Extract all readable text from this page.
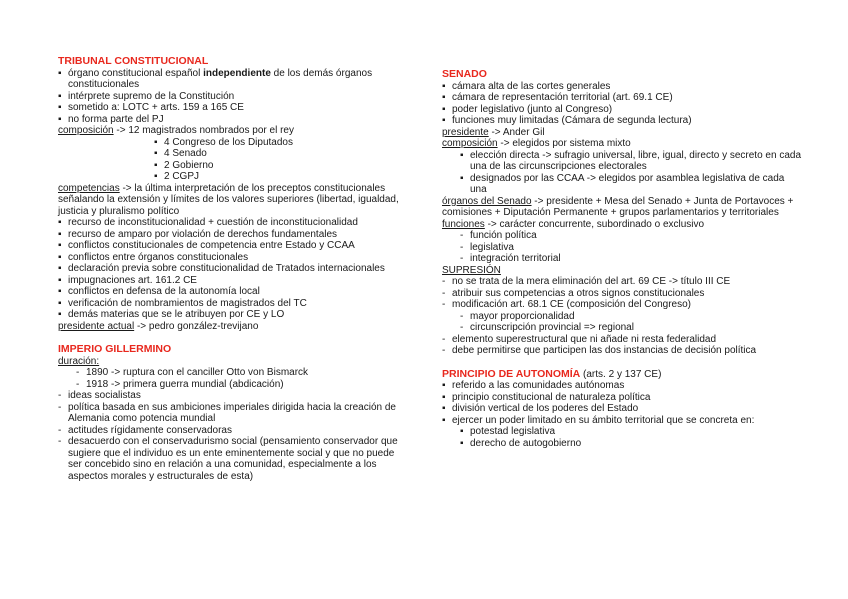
TRIBUNAL CONSTITUCIONAL
▪ órgano constitucional español independiente de los demás órganos constitucionales
▪ intérprete supremo de la Constitución
▪ sometido a: LOTC + arts. 159 a 165 CE
▪ no forma parte del PJ
composición -> 12 magistrados nombrados por el rey
▪ 4 Congreso de los Diputados
▪ 4 Senado
▪ 2 Gobierno
▪ 2 CGPJ
competencias -> la última interpretación de los preceptos constitucionales señalando la extensión y límites de los valores superiores (libertad, igualdad, justicia y pluralismo político
▪ recurso de inconstitucionalidad + cuestión de inconstitucionalidad
▪ recurso de amparo por violación de derechos fundamentales
▪ conflictos constitucionales de competencia entre Estado y CCAA
▪ conflictos entre órganos constitucionales
▪ declaración previa sobre constitucionalidad de Tratados internacionales
▪ impugnaciones art. 161.2 CE
▪ conflictos en defensa de la autonomía local
▪ verificación de nombramientos de magistrados del TC
▪ demás materias que se le atribuyen por CE y LO
presidente actual -> pedro gonzález-trevijano
IMPERIO GILLERMINO
duración:
- 1890 -> ruptura con el canciller Otto von Bismarck
- 1918 -> primera guerra mundial (abdicación)
- ideas socialistas
- política basada en sus ambiciones imperiales dirigida hacia la creación de Alemania como potencia mundial
- actitudes rígidamente conservadoras
- desacuerdo con el conservadurismo social (pensamiento conservador que sugiere que el individuo es un ente eminentemente social y que no puede ser concebido sino en relación a una comunidad, especialmente a los aspectos morales y estructurales de esta)
SENADO
▪ cámara alta de las cortes generales
▪ cámara de representación territorial (art. 69.1 CE)
▪ poder legislativo (junto al Congreso)
▪ funciones muy limitadas (Cámara de segunda lectura)
presidente -> Ander Gil
composición -> elegidos por sistema mixto
▪ elección directa -> sufragio universal, libre, igual, directo y secreto en cada una de las circunscripciones electorales
▪ designados por las CCAA -> elegidos por asamblea legislativa de cada una
órganos del Senado -> presidente + Mesa del Senado + Junta de Portavoces + comisiones + Diputación Permanente + grupos parlamentarios y territoriales
funciones -> carácter concurrente, subordinado o exclusivo
- función política
- legislativa
- integración territorial
SUPRESIÓN
- no se trata de la mera eliminación del art. 69 CE -> título III CE
- atribuir sus competencias a otros signos constitucionales
- modificación art. 68.1 CE (composición del Congreso)
- mayor proporcionalidad
- circunscripción provincial => regional
- elemento superestructural que ni añade ni resta federalidad
- debe permitirse que participen las dos instancias de decisión política
PRINCIPIO DE AUTONOMÍA (arts. 2 y 137 CE)
▪ referido a las comunidades autónomas
▪ principio constitucional de naturaleza política
▪ división vertical de los poderes del Estado
▪ ejercer un poder limitado en su ámbito territorial que se concreta en:
▪ potestad legislativa
▪ derecho de autogobierno
